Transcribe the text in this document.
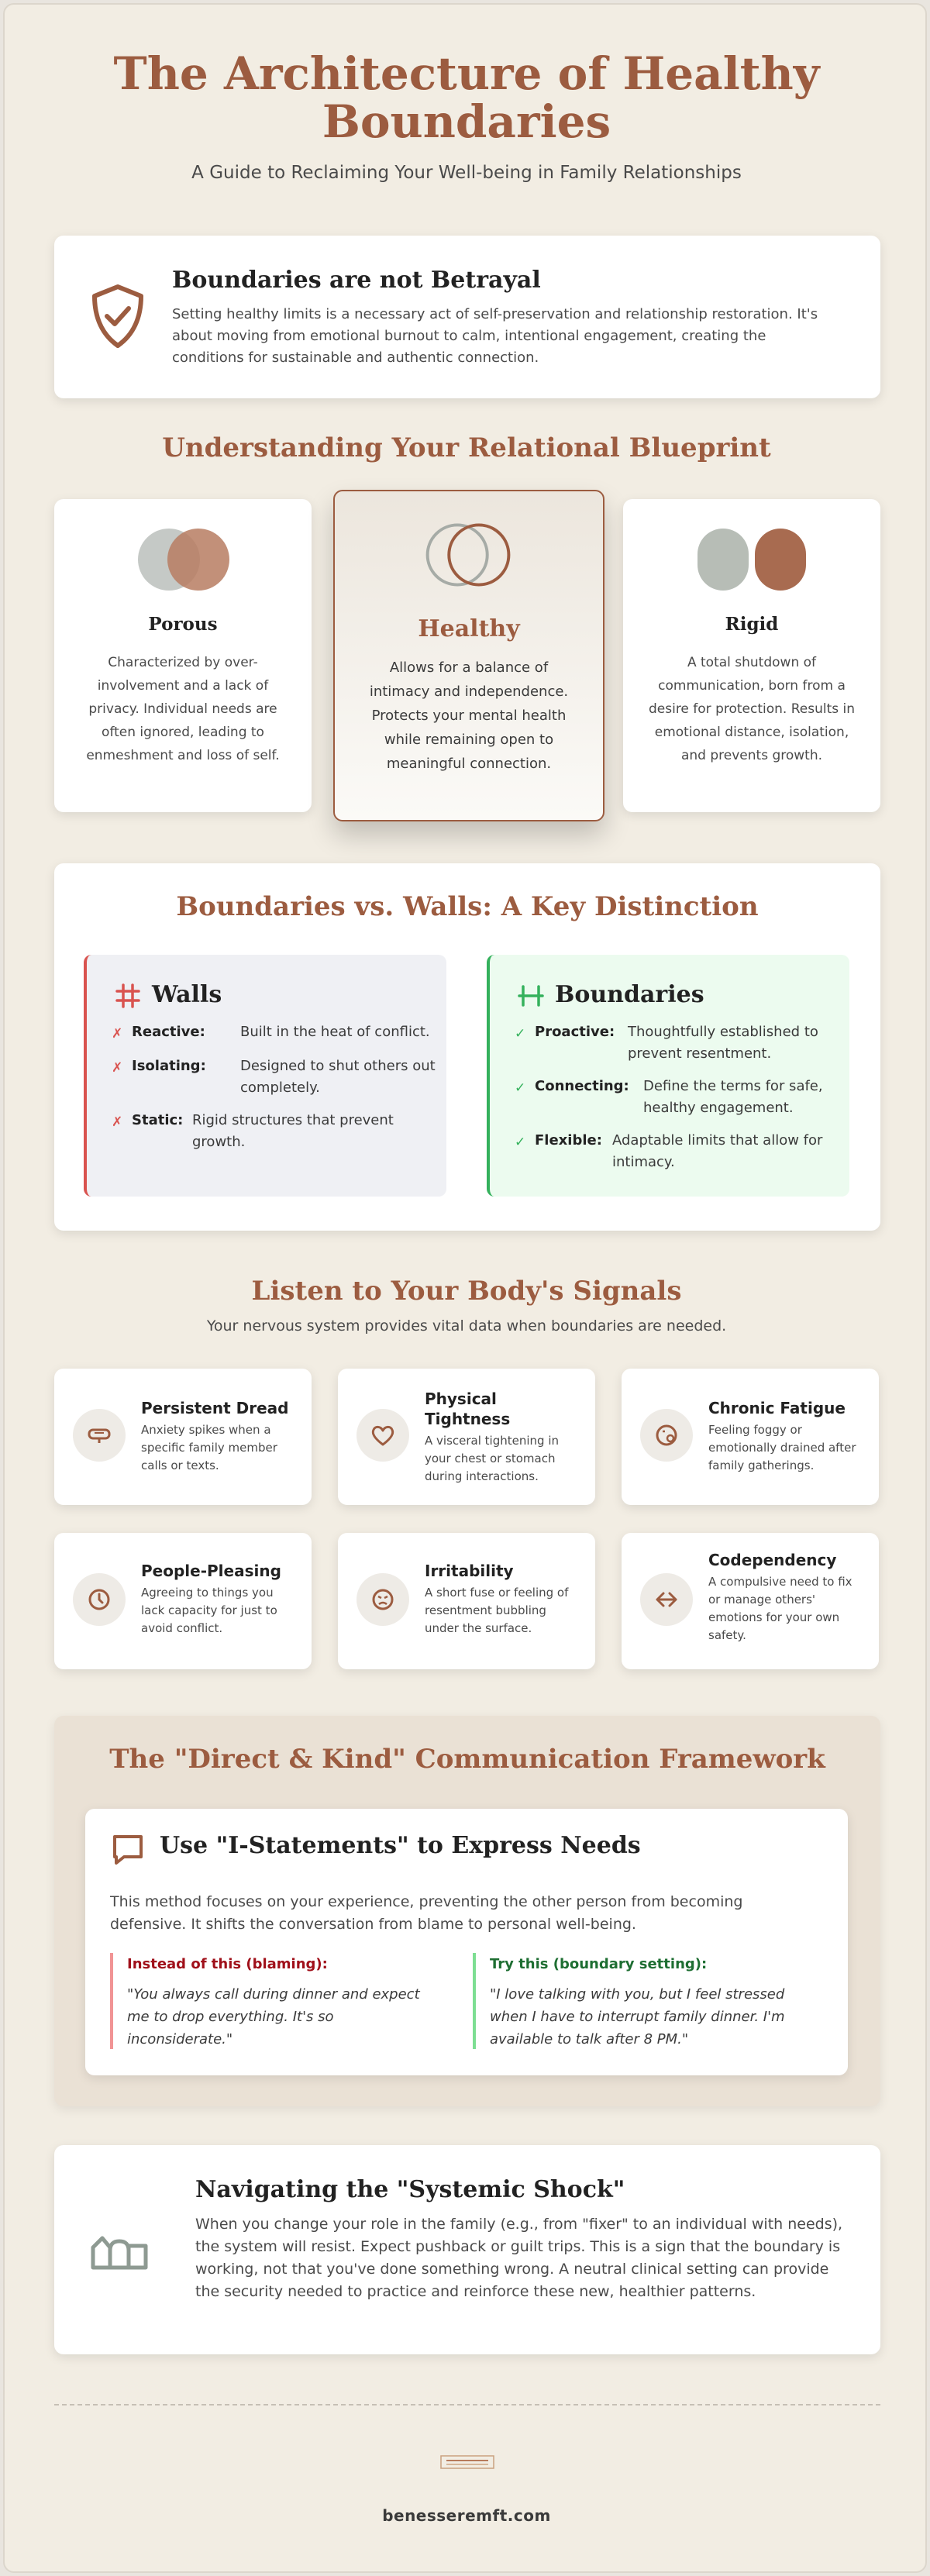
The Architecture of Healthy Boundaries
A Guide to Reclaiming Your Well-being in Family Relationships
Boundaries are not Betrayal

Setting healthy limits is a necessary act of self-preservation and relationship restoration. It's about moving from emotional burnout to calm, intentional engagement, creating the conditions for sustainable and authentic connection.

Understanding Your Relational Blueprint
Porous

Characterized by over-involvement and a lack of privacy. Individual needs are often ignored, leading to enmeshment and loss of self.

Healthy

Allows for a balance of intimacy and independence. Protects your mental health while remaining open to meaningful connection.

Rigid

A total shutdown of communication, born from a desire for protection. Results in emotional distance, isolation, and prevents growth.

Boundaries vs. Walls: A Key Distinction
Walls
✗ Reactive:	Built in the heat of conflict.
✗ Isolating: Designed to shut others out completely.
✗ Static: Rigid structures that prevent growth.
Boundaries
✓ Proactive: Thoughtfully established to prevent resentment.
✓ Connecting: Define the terms for safe, healthy engagement.
✓ Flexible: Adaptable limits that allow for intimacy.
Listen to Your Body's Signals
Your nervous system provides vital data when boundaries are needed.
Persistent Dread

Anxiety spikes when a specific family member calls or texts.

Physical Tightness

A visceral tightening in your chest or stomach during interactions.

Chronic Fatigue

Feeling foggy or emotionally drained after family gatherings.

People-Pleasing

Agreeing to things you lack capacity for just to avoid conflict.

Irritability

A short fuse or feeling of resentment bubbling under the surface.

Codependency

A compulsive need to fix or manage others' emotions for your own safety.

The "Direct & Kind" Communication Framework
Use "I-Statements" to Express Needs

This method focuses on your experience, preventing the other person from becoming defensive. It shifts the conversation from blame to personal well-being.

Instead of this (blaming):

"You always call during dinner and expect me to drop everything. It's so inconsiderate."

Try this (boundary setting):

"I love talking with you, but I feel stressed when I have to interrupt family dinner. I'm available to talk after 8 PM."

Navigating the "Systemic Shock"

When you change your role in the family (e.g., from "fixer" to an individual with needs), the system will resist. Expect pushback or guilt trips. This is a sign that the boundary is working, not that you've done something wrong. A neutral clinical setting can provide the security needed to practice and reinforce these new, healthier patterns.

benesseremft.com
